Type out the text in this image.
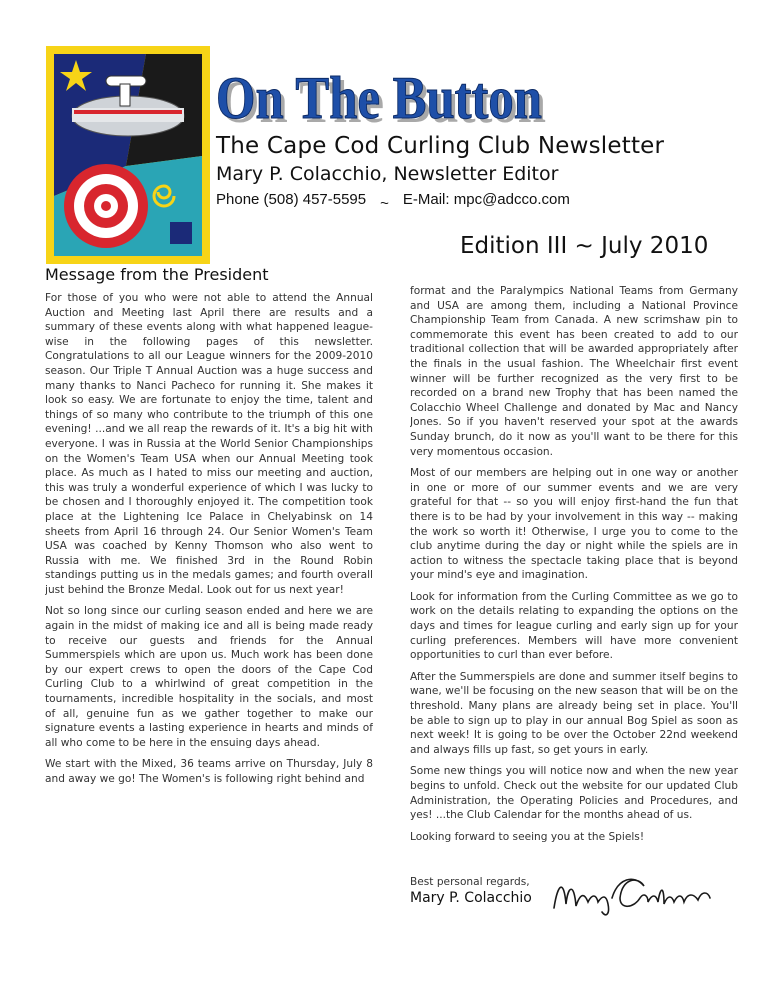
On The Button
On The Button
The Cape Cod Curling Club Newsletter
Mary P. Colacchio, Newsletter Editor
Phone (508) 457-5595 ~ E-Mail: mpc@adcco.com
Edition III ~ July 2010
Message from the President

For those of you who were not able to attend the Annual Auction and Meeting last April there are results and a summary of these events along with what happened league-wise in the following pages of this newsletter. Congratulations to all our League winners for the 2009-2010 season. Our Triple T Annual Auction was a huge success and many thanks to Nanci Pacheco for running it. She makes it look so easy. We are fortunate to enjoy the time, talent and things of so many who contribute to the triumph of this one evening! ...and we all reap the rewards of it. It's a big hit with everyone. I was in Russia at the World Senior Championships on the Women's Team USA when our Annual Meeting took place. As much as I hated to miss our meeting and auction, this was truly a wonderful experience of which I was lucky to be chosen and I thoroughly enjoyed it. The competition took place at the Lightening Ice Palace in Chelyabinsk on 14 sheets from April 16 through 24. Our Senior Women's Team USA was coached by Kenny Thomson who also went to Russia with me. We finished 3rd in the Round Robin standings putting us in the medals games; and fourth overall just behind the Bronze Medal. Look out for us next year!

Not so long since our curling season ended and here we are again in the midst of making ice and all is being made ready to receive our guests and friends for the Annual Summerspiels which are upon us. Much work has been done by our expert crews to open the doors of the Cape Cod Curling Club to a whirlwind of great competition in the tournaments, incredible hospitality in the socials, and most of all, genuine fun as we gather together to make our signature events a lasting experience in hearts and minds of all who come to be here in the ensuing days ahead.

We start with the Mixed, 36 teams arrive on Thursday, July 8 and away we go! The Women's is following right behind and

format and the Paralympics National Teams from Germany and USA are among them, including a National Province Championship Team from Canada. A new scrimshaw pin to commemorate this event has been created to add to our traditional collection that will be awarded appropriately after the finals in the usual fashion. The Wheelchair first event winner will be further recognized as the very first to be recorded on a brand new Trophy that has been named the Colacchio Wheel Challenge and donated by Mac and Nancy Jones. So if you haven't reserved your spot at the awards Sunday brunch, do it now as you'll want to be there for this very momentous occasion.

Most of our members are helping out in one way or another in one or more of our summer events and we are very grateful for that -- so you will enjoy first-hand the fun that there is to be had by your involvement in this way -- making the work so worth it! Otherwise, I urge you to come to the club anytime during the day or night while the spiels are in action to witness the spectacle taking place that is beyond your mind's eye and imagination.

Look for information from the Curling Committee as we go to work on the details relating to expanding the options on the days and times for league curling and early sign up for your curling preferences. Members will have more convenient opportunities to curl than ever before.

After the Summerspiels are done and summer itself begins to wane, we'll be focusing on the new season that will be on the threshold. Many plans are already being set in place. You'll be able to sign up to play in our annual Bog Spiel as soon as next week! It is going to be over the October 22nd weekend and always fills up fast, so get yours in early.

Some new things you will notice now and when the new year begins to unfold. Check out the website for our updated Club Administration, the Operating Policies and Procedures, and yes! ...the Club Calendar for the months ahead of us.

Looking forward to seeing you at the Spiels!

Best personal regards,
Mary P. Colacchio
